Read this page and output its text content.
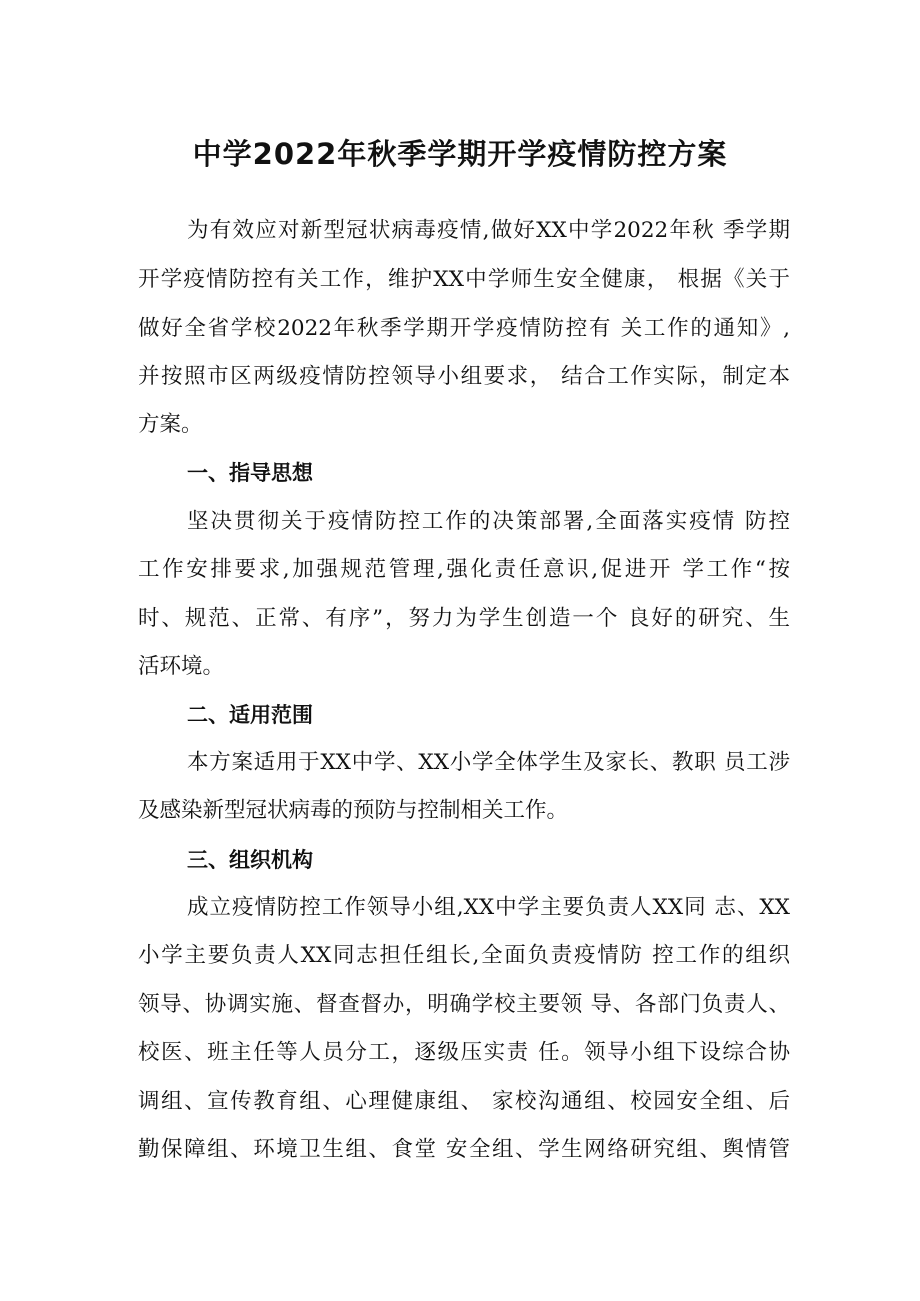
中学2022年秋季学期开学疫情防控方案
为有效应对新型冠状病毒疫情,做好XX中学2022年秋 季学期
开学疫情防控有关工作，维护XX中学师生安全健康， 根据《关于
做好全省学校2022年秋季学期开学疫情防控有 关工作的通知》,
并按照市区两级疫情防控领导小组要求， 结合工作实际，制定本
方案。
一、指导思想
坚决贯彻关于疫情防控工作的决策部署,全面落实疫情 防控
工作安排要求,加强规范管理,强化责任意识,促进开 学工作“按
时、规范、正常、有序”，努力为学生创造一个 良好的研究、生
活环境。
二、适用范围
本方案适用于XX中学、XX小学全体学生及家长、教职 员工涉
及感染新型冠状病毒的预防与控制相关工作。
三、组织机构
成立疫情防控工作领导小组,XX中学主要负责人XX同 志、XX
小学主要负责人XX同志担任组长,全面负责疫情防 控工作的组织
领导、协调实施、督查督办，明确学校主要领 导、各部门负责人、
校医、班主任等人员分工，逐级压实责 任。领导小组下设综合协
调组、宣传教育组、心理健康组、 家校沟通组、校园安全组、后
勤保障组、环境卫生组、食堂 安全组、学生网络研究组、舆情管
